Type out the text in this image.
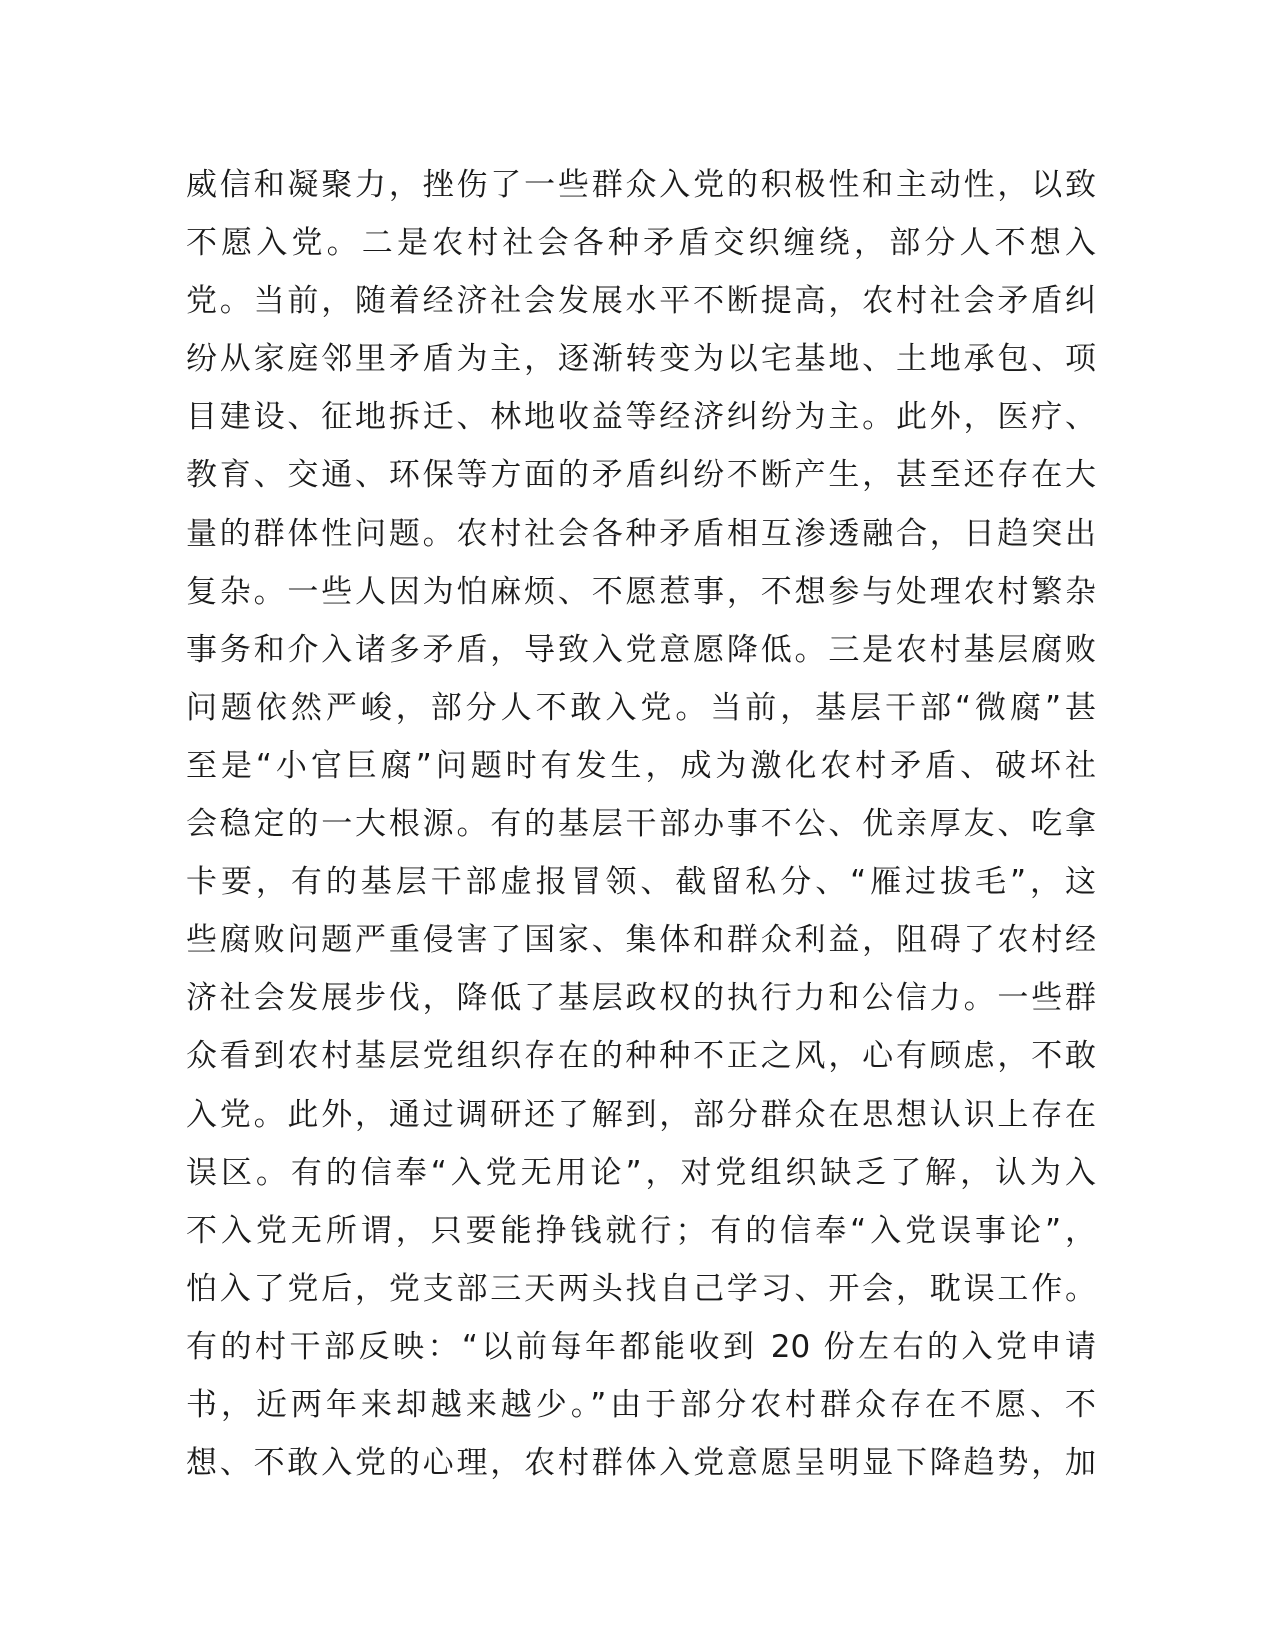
威信和凝聚力，挫伤了一些群众入党的积极性和主动性，以致
不愿入党。二是农村社会各种矛盾交织缠绕，部分人不想入
党。当前，随着经济社会发展水平不断提高，农村社会矛盾纠
纷从家庭邻里矛盾为主，逐渐转变为以宅基地、土地承包、项
目建设、征地拆迁、林地收益等经济纠纷为主。此外，医疗、
教育、交通、环保等方面的矛盾纠纷不断产生，甚至还存在大
量的群体性问题。农村社会各种矛盾相互渗透融合，日趋突出
复杂。一些人因为怕麻烦、不愿惹事，不想参与处理农村繁杂
事务和介入诸多矛盾，导致入党意愿降低。三是农村基层腐败
问题依然严峻，部分人不敢入党。当前，基层干部“微腐”甚
至是“小官巨腐”问题时有发生，成为激化农村矛盾、破坏社
会稳定的一大根源。有的基层干部办事不公、优亲厚友、吃拿
卡要，有的基层干部虚报冒领、截留私分、“雁过拔毛”，这
些腐败问题严重侵害了国家、集体和群众利益，阻碍了农村经
济社会发展步伐，降低了基层政权的执行力和公信力。一些群
众看到农村基层党组织存在的种种不正之风，心有顾虑，不敢
入党。此外，通过调研还了解到，部分群众在思想认识上存在
误区。有的信奉“入党无用论”，对党组织缺乏了解，认为入
不入党无所谓，只要能挣钱就行；有的信奉“入党误事论”，
怕入了党后，党支部三天两头找自己学习、开会，耽误工作。
有的村干部反映：“以前每年都能收到 20 份左右的入党申请
书，近两年来却越来越少。”由于部分农村群众存在不愿、不
想、不敢入党的心理，农村群体入党意愿呈明显下降趋势，加
